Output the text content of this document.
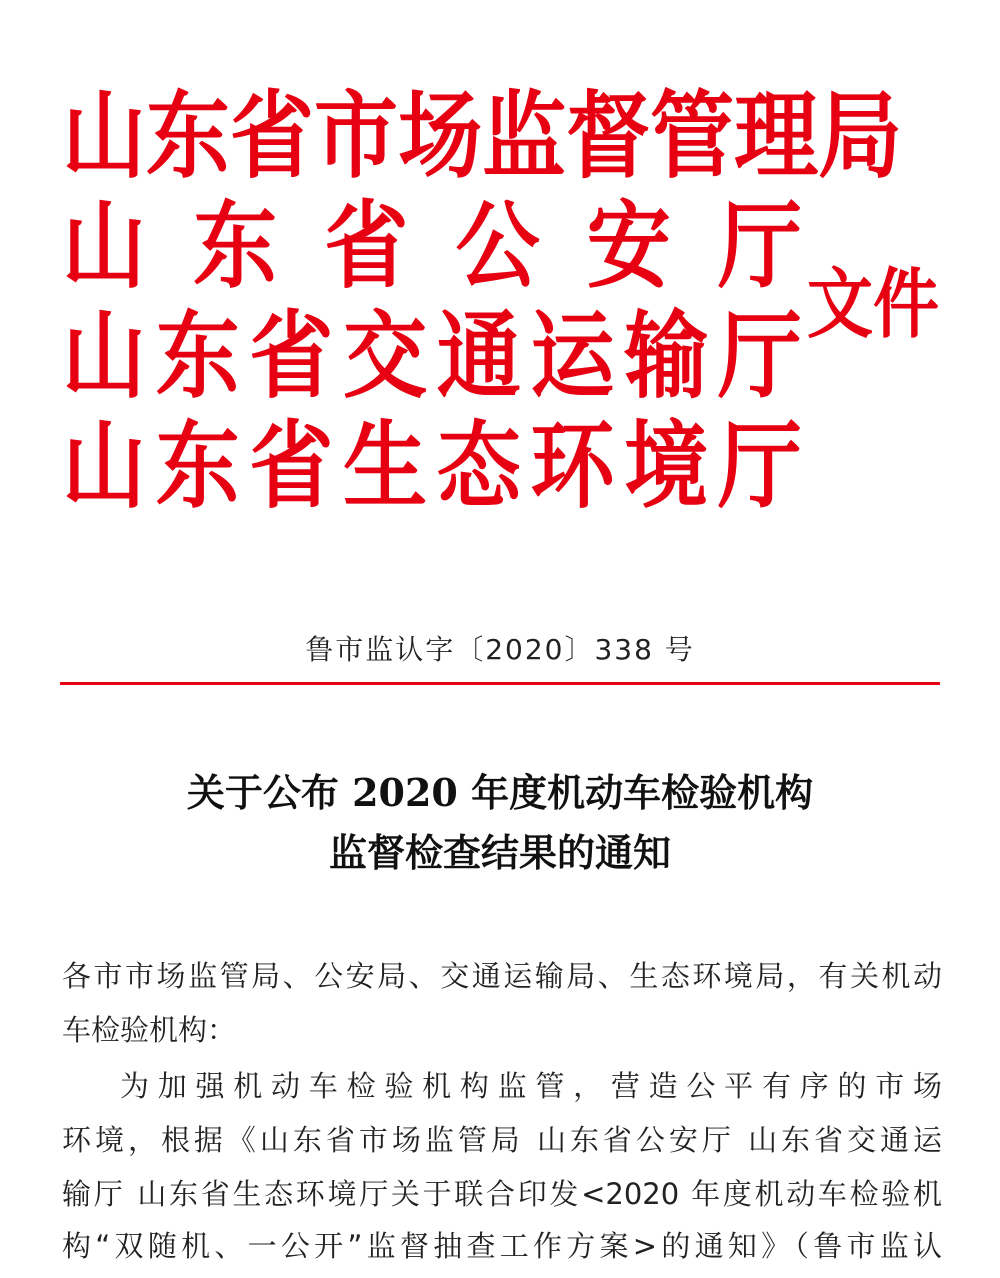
山 东 省 市 场 监 督 管 理 局
山 东 省 公 安 厅
山 东 省 交 通 运 输 厅
山 东 省 生 态 环 境 厅
文件
鲁市监认字〔2020〕338 号
关于公布 2020 年度机动车检验机构
监督检查结果的通知
各市市场监管局、公安局、交通运输局、生态环境局，有关机动
车检验机构：
为加强机动车检验机构监管，营造公平有序的市场
环境，根据《山东省市场监管局 山东省公安厅 山东省交通运
输厅 山东省生态环境厅关于联合印发<2020 年度机动车检验机
构“双随机、一公开”监督抽查工作方案>的通知》（鲁市监认
